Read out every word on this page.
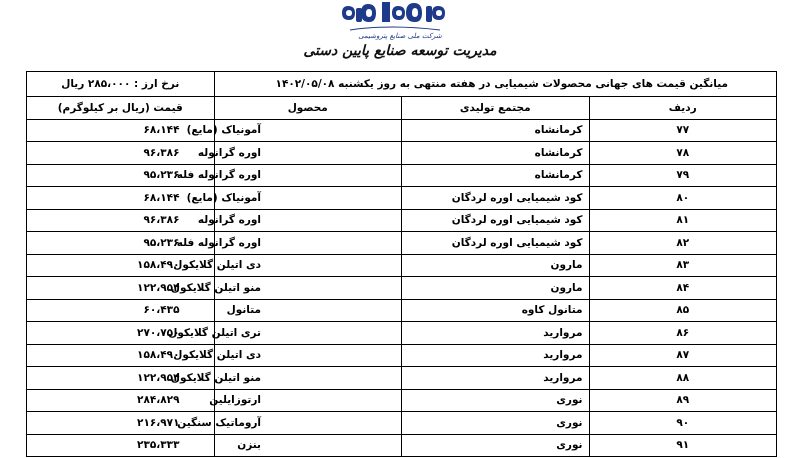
شرکت ملی صنایع پتروشیمی
مدیریت توسعه صنایع پایین دستی
میانگین قیمت های جهانی محصولات شیمیایی در هفته منتهی به روز یکشنبه ۱۴۰۲/۰۵/۰۸			نرخ ارز : ۲۸۵،۰۰۰ ریال
ردیف	مجتمع تولیدی	محصول	قیمت (ریال بر کیلوگرم)
۷۷	کرمانشاه	آمونیاک (مایع)	۶۸،۱۴۴
۷۸	کرمانشاه	اوره گرانوله	۹۶،۳۸۶
۷۹	کرمانشاه	اوره گرانوله فله	۹۵،۲۳۶
۸۰	کود شیمیایی اوره لردگان	آمونیاک (مایع)	۶۸،۱۴۴
۸۱	کود شیمیایی اوره لردگان	اوره گرانوله	۹۶،۳۸۶
۸۲	کود شیمیایی اوره لردگان	اوره گرانوله فله	۹۵،۲۳۶
۸۳	مارون	دی اتیلن گلایکول	۱۵۸،۴۹۰
۸۴	مارون	منو اتیلن گلایکول	۱۲۲،۹۵۴
۸۵	متانول کاوه	متانول	۶۰،۴۳۵
۸۶	مروارید	تری اتیلن گلایکول	۲۷۰،۷۵۰
۸۷	مروارید	دی اتیلن گلایکول	۱۵۸،۴۹۰
۸۸	مروارید	منو اتیلن گلایکول	۱۲۲،۹۵۴
۸۹	نوری	ارتوزایلین	۲۸۴،۸۲۹
۹۰	نوری	آروماتیک سنگین	۲۱۶،۹۷۱
۹۱	نوری	بنزن	۲۳۵،۳۳۳
